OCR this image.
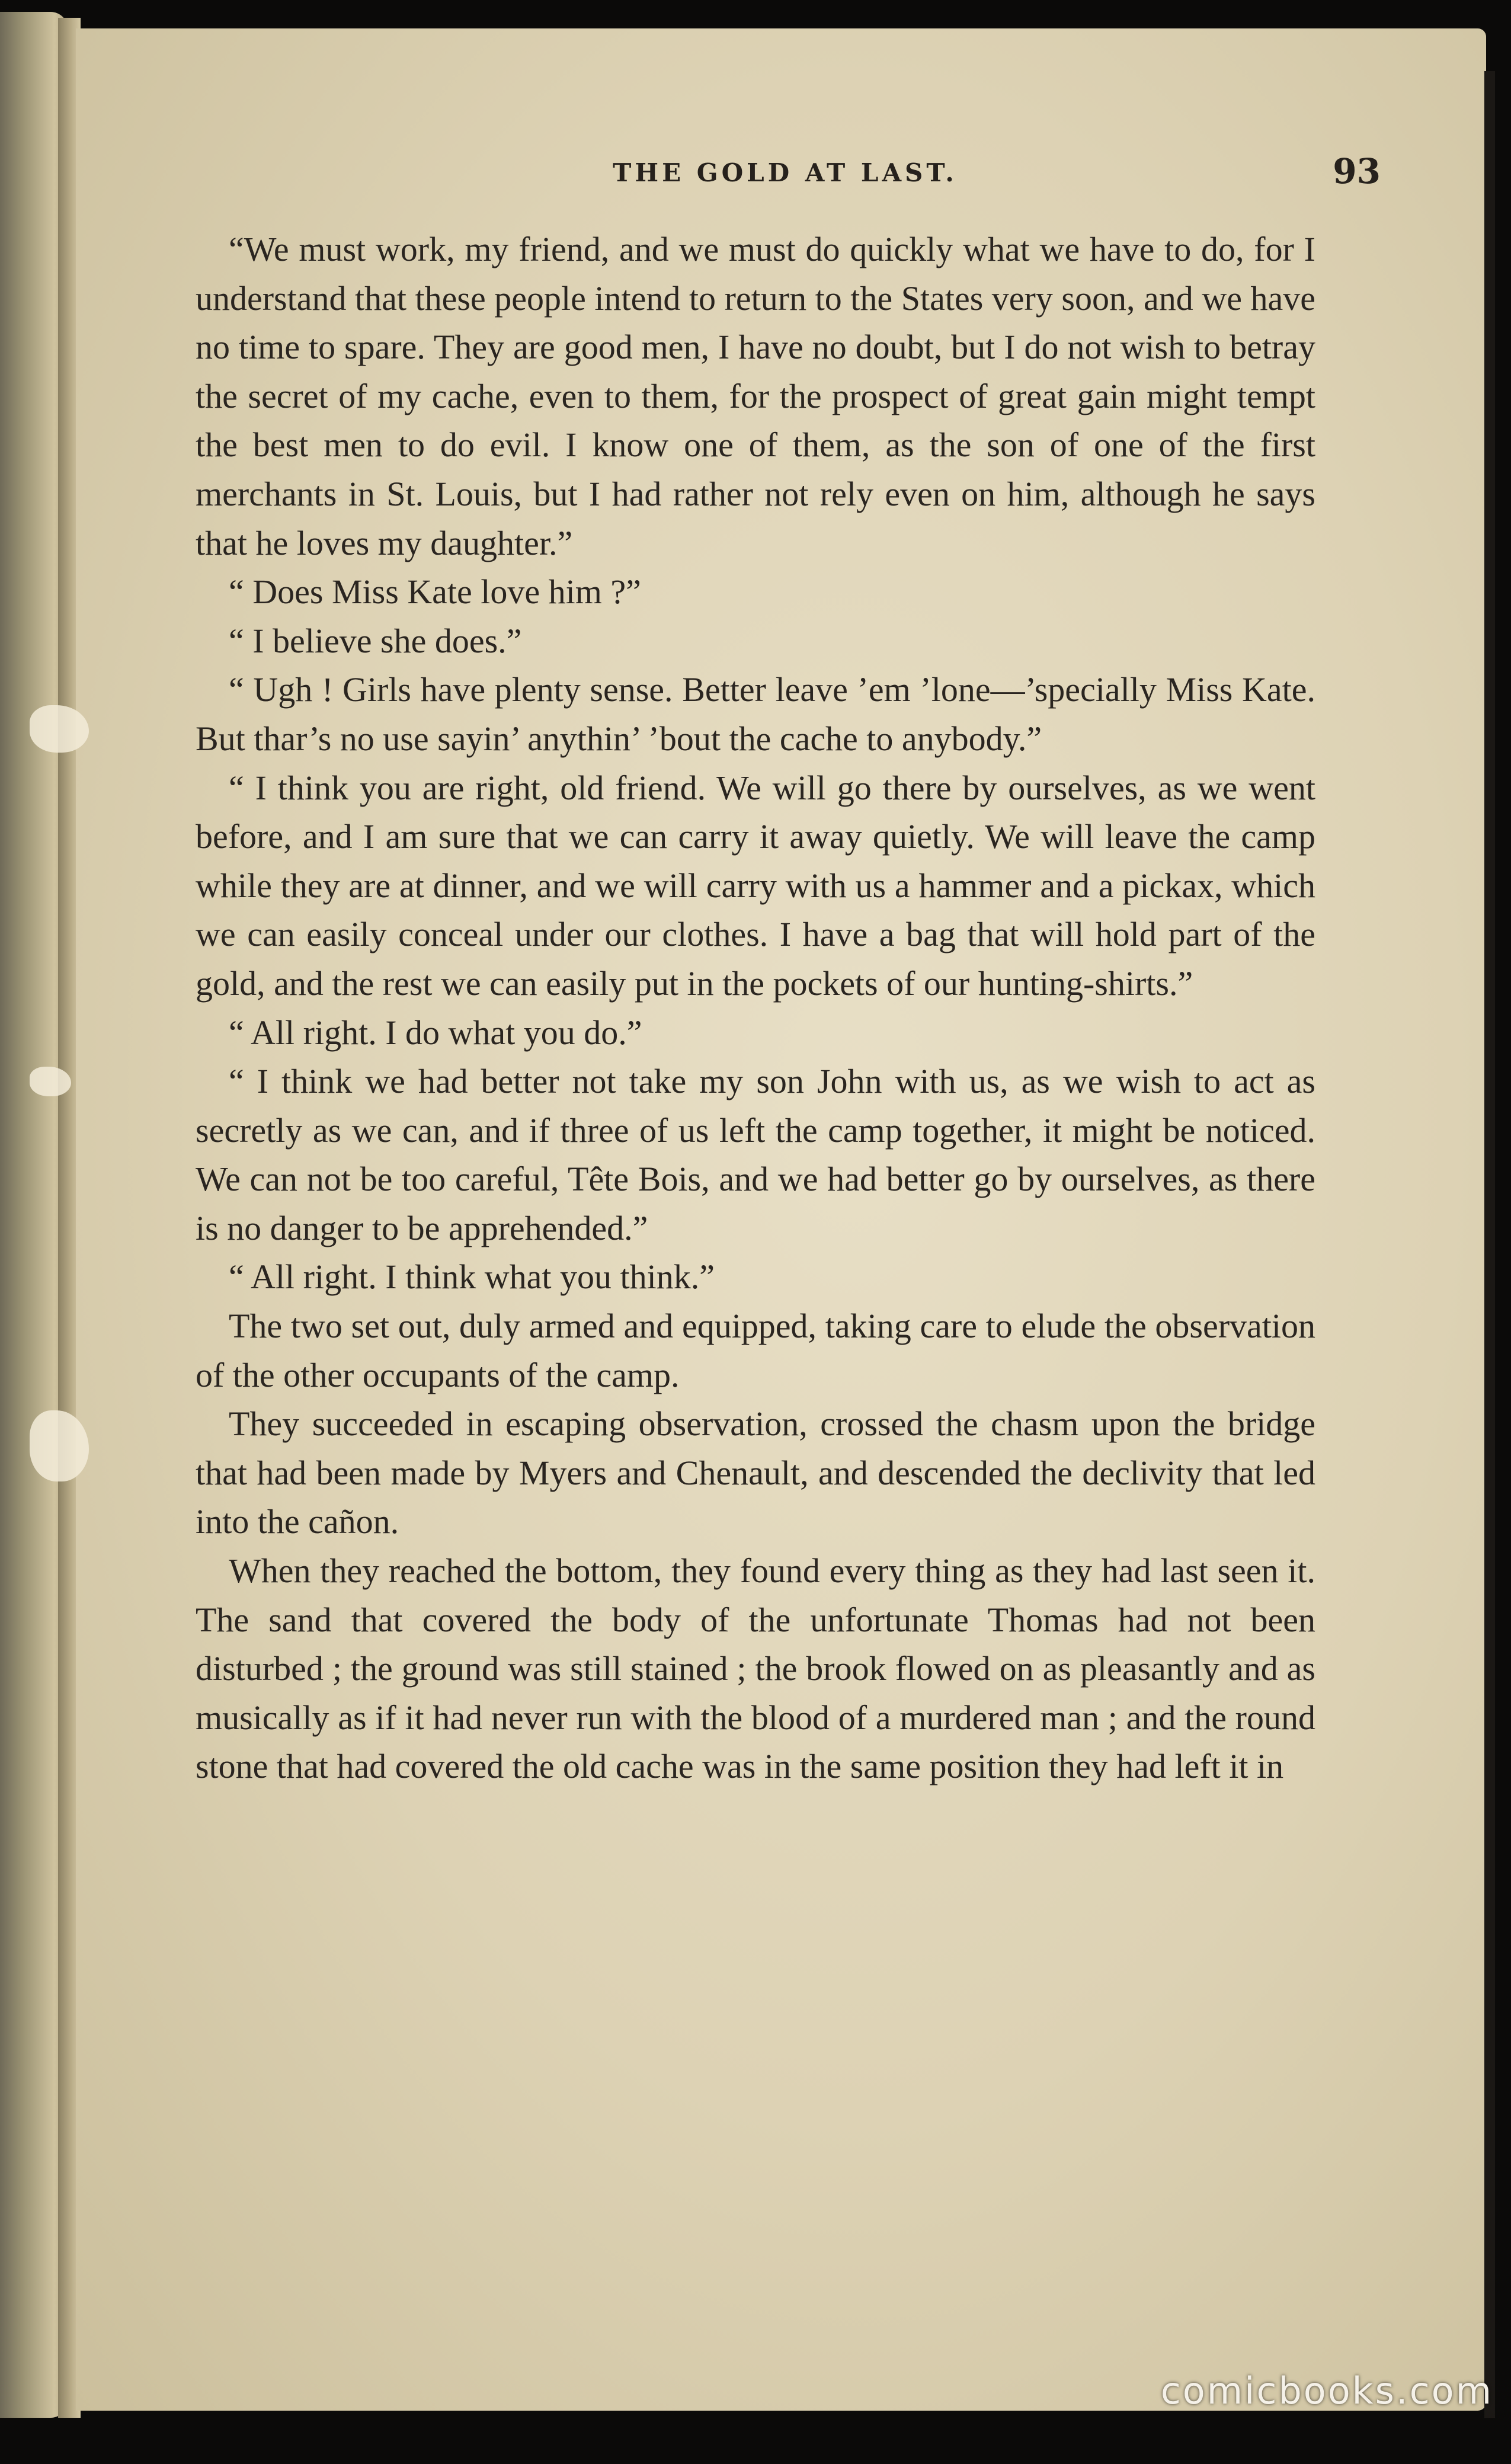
THE GOLD AT LAST.	93

“We must work, my friend, and we must do quickly what we have to do, for I understand that these people intend to return to the States very soon, and we have no time to spare. They are good men, I have no doubt, but I do not wish to betray the secret of my cache, even to them, for the prospect of great gain might tempt the best men to do evil. I know one of them, as the son of one of the first merchants in St. Louis, but I had rather not rely even on him, although he says that he loves my daughter.”

“ Does Miss Kate love him ?”

“ I believe she does.”

“ Ugh ! Girls have plenty sense. Better leave ’em ’lone—’specially Miss Kate. But thar’s no use sayin’ anythin’ ’bout the cache to anybody.”

“ I think you are right, old friend. We will go there by ourselves, as we went before, and I am sure that we can carry it away quietly. We will leave the camp while they are at dinner, and we will carry with us a hammer and a pickax, which we can easily conceal under our clothes. I have a bag that will hold part of the gold, and the rest we can easily put in the pockets of our hunting-shirts.”

“ All right. I do what you do.”

“ I think we had better not take my son John with us, as we wish to act as secretly as we can, and if three of us left the camp together, it might be noticed. We can not be too careful, Tête Bois, and we had better go by ourselves, as there is no danger to be apprehended.”

“ All right. I think what you think.”

The two set out, duly armed and equipped, taking care to elude the observation of the other occupants of the camp.

They succeeded in escaping observation, crossed the chasm upon the bridge that had been made by Myers and Chenault, and descended the declivity that led into the cañon.

When they reached the bottom, they found every thing as they had last seen it. The sand that covered the body of the unfortunate Thomas had not been disturbed ; the ground was still stained ; the brook flowed on as pleasantly and as musically as if it had never run with the blood of a murdered man ; and the round stone that had covered the old cache was in the same position they had left it in

comicbooks.com
